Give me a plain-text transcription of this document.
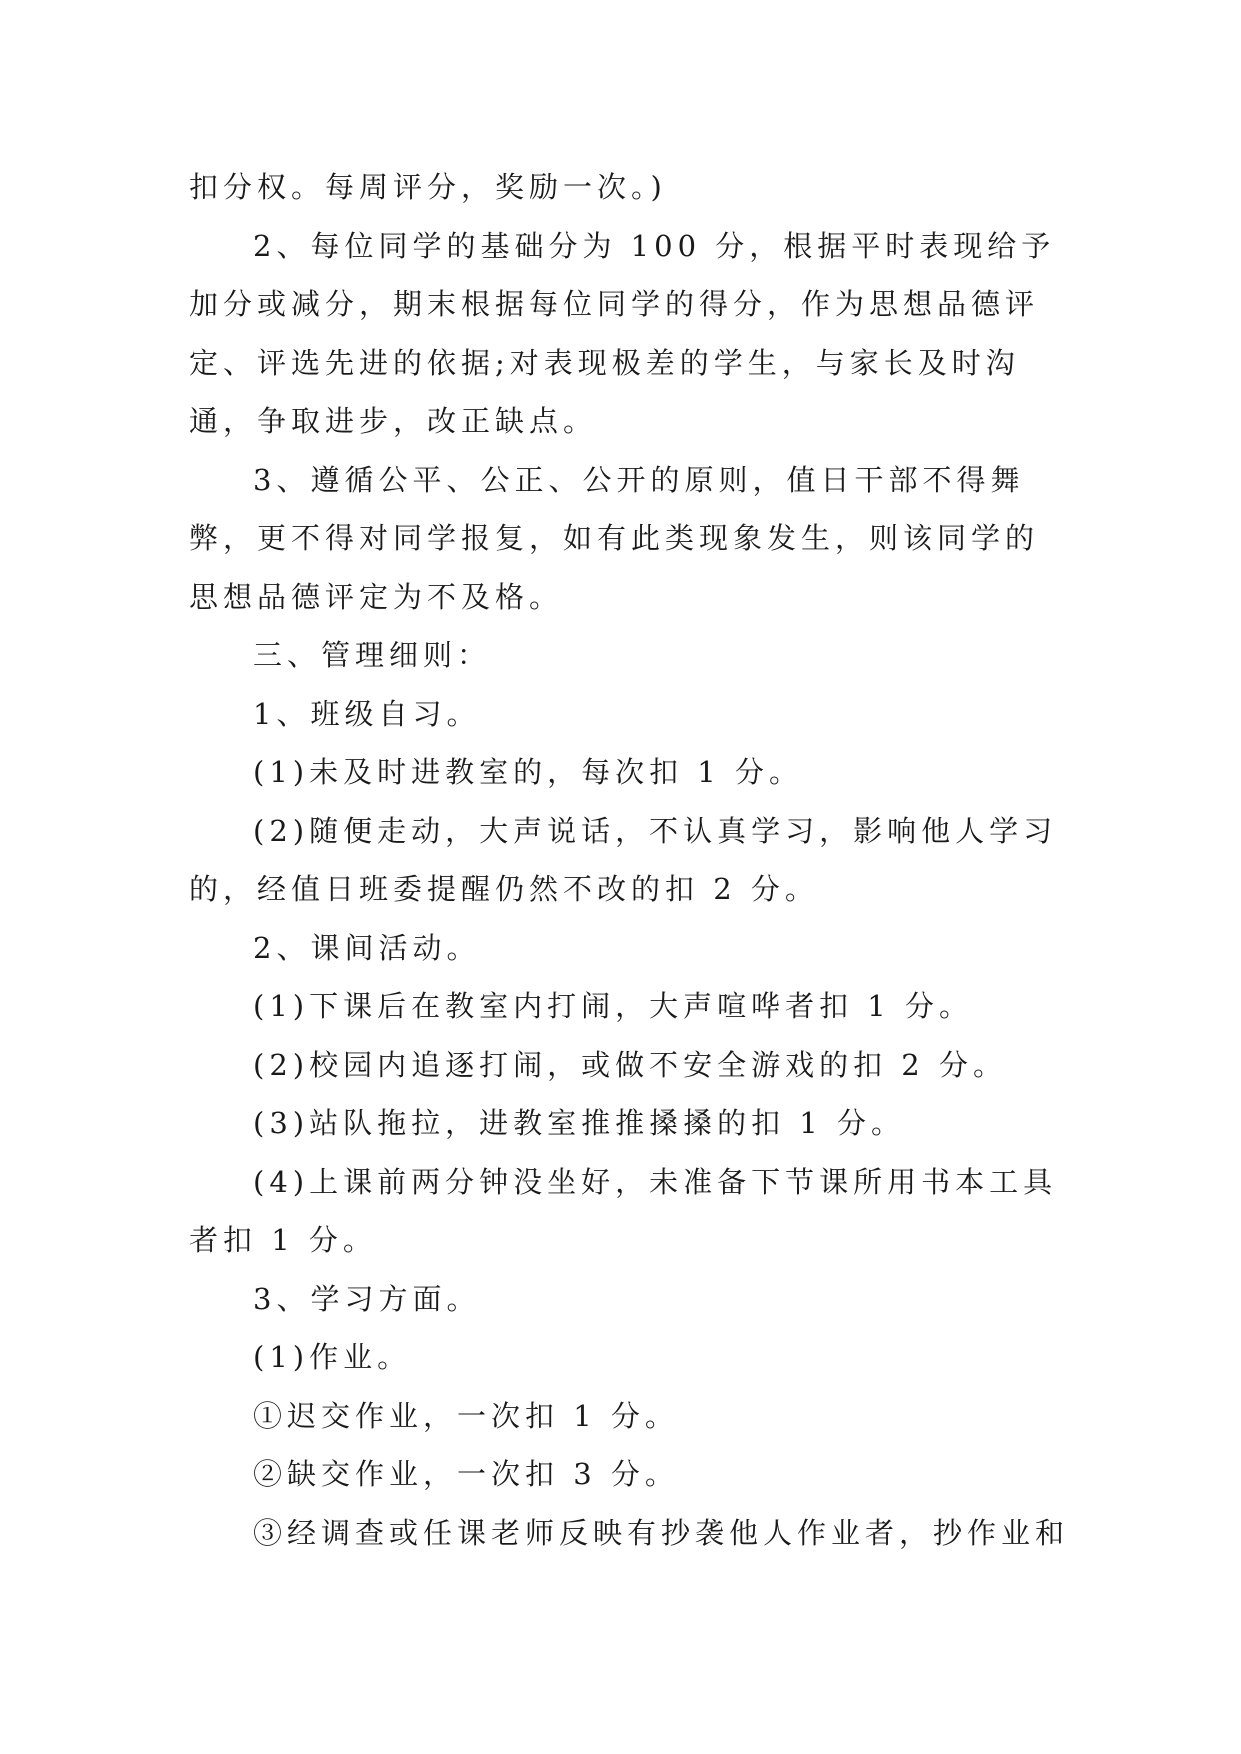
扣分权。每周评分，奖励一次。)

2、每位同学的基础分为 100 分，根据平时表现给予加分或减分，期末根据每位同学的得分，作为思想品德评定、评选先进的依据;对表现极差的学生，与家长及时沟通，争取进步，改正缺点。

3、遵循公平、公正、公开的原则，值日干部不得舞弊，更不得对同学报复，如有此类现象发生，则该同学的思想品德评定为不及格。

三、管理细则：

1、班级自习。

(1)未及时进教室的，每次扣 1 分。

(2)随便走动，大声说话，不认真学习，影响他人学习的，经值日班委提醒仍然不改的扣 2 分。

2、课间活动。

(1)下课后在教室内打闹，大声喧哗者扣 1 分。

(2)校园内追逐打闹，或做不安全游戏的扣 2 分。

(3)站队拖拉，进教室推推搡搡的扣 1 分。

(4)上课前两分钟没坐好，未准备下节课所用书本工具者扣 1 分。

3、学习方面。

(1)作业。

①迟交作业，一次扣 1 分。

②缺交作业，一次扣 3 分。

③经调查或任课老师反映有抄袭他人作业者，抄作业和
